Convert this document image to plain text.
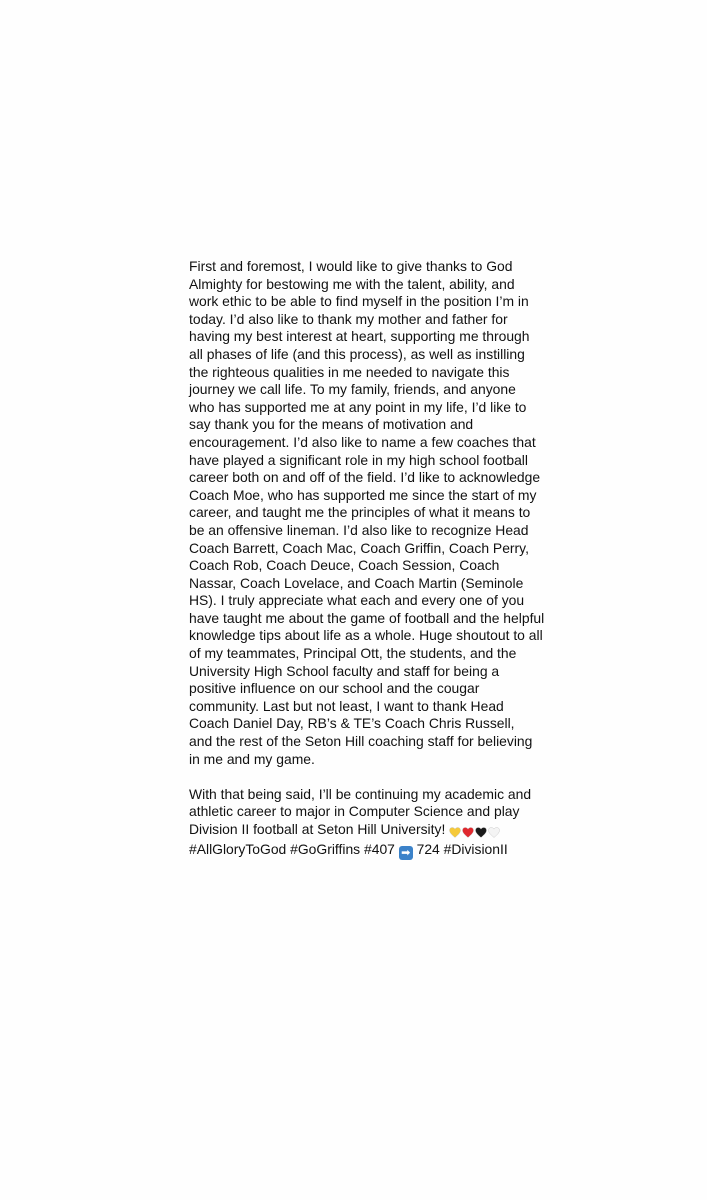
First and foremost, I would like to give thanks to God
Almighty for bestowing me with the talent, ability, and
work ethic to be able to find myself in the position I’m in
today. I’d also like to thank my mother and father for
having my best interest at heart, supporting me through
all phases of life (and this process), as well as instilling
the righteous qualities in me needed to navigate this
journey we call life. To my family, friends, and anyone
who has supported me at any point in my life, I’d like to
say thank you for the means of motivation and
encouragement. I’d also like to name a few coaches that
have played a significant role in my high school football
career both on and off of the field. I’d like to acknowledge
Coach Moe, who has supported me since the start of my
career, and taught me the principles of what it means to
be an offensive lineman. I’d also like to recognize Head
Coach Barrett, Coach Mac, Coach Griffin, Coach Perry,
Coach Rob, Coach Deuce, Coach Session, Coach
Nassar, Coach Lovelace, and Coach Martin (Seminole
HS). I truly appreciate what each and every one of you
have taught me about the game of football and the helpful
knowledge tips about life as a whole. Huge shoutout to all
of my teammates, Principal Ott, the students, and the
University High School faculty and staff for being a
positive influence on our school and the cougar
community. Last but not least, I want to thank Head
Coach Daniel Day, RB’s & TE’s Coach Chris Russell,
and the rest of the Seton Hill coaching staff for believing
in me and my game.

With that being said, I’ll be continuing my academic and
athletic career to major in Computer Science and play
Division II football at Seton Hill University!
#AllGloryToGod #GoGriffins #407 ➡ 724 #DivisionII
